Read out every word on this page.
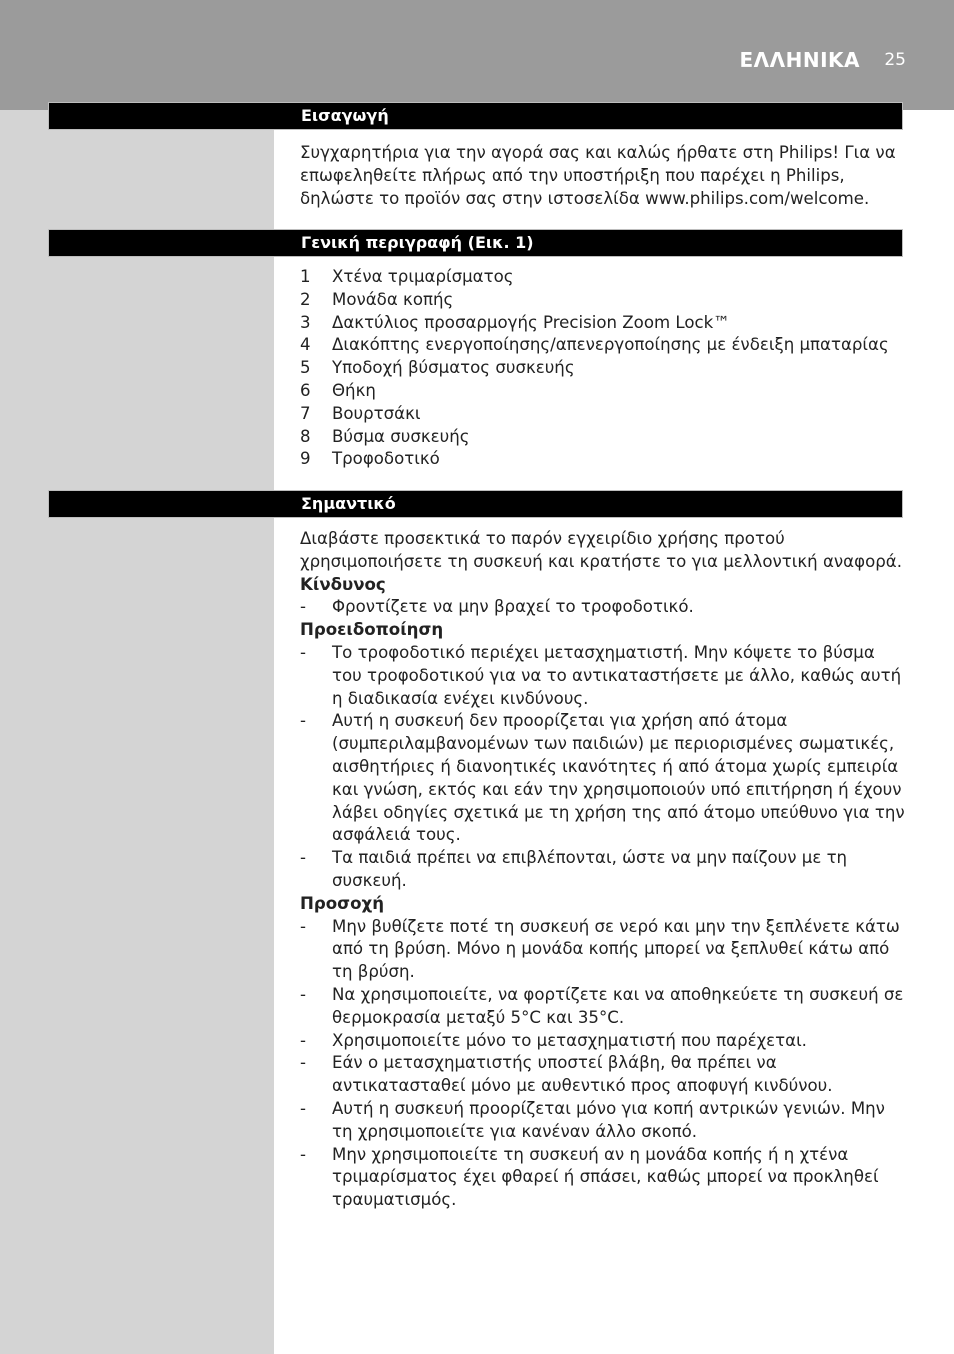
ΕΛΛΗΝΙΚΑ 25
Εισαγωγή

Συγχαρητήρια για την αγορά σας και καλώς ήρθατε στη Philips! Για να επωφεληθείτε πλήρως από την υποστήριξη που παρέχει η Philips, δηλώστε το προϊόν σας στην ιστοσελίδα www.philips.com/welcome.

Γενική περιγραφή (Εικ. 1)
1	Χτένα τριμαρίσματος
2	Μονάδα κοπής
3	Δακτύλιος προσαρμογής Precision Zoom Lock™
4	Διακόπτης ενεργοποίησης/απενεργοποίησης με ένδειξη μπαταρίας
5	Υποδοχή βύσματος συσκευής
6	Θήκη
7	Βουρτσάκι
8	Βύσμα συσκευής
9	Τροφοδοτικό
Σημαντικό

Διαβάστε προσεκτικά το παρόν εγχειρίδιο χρήσης προτού χρησιμοποιήσετε τη συσκευή και κρατήστε το για μελλοντική αναφορά.

Κίνδυνος

-	Φροντίζετε να μην βραχεί το τροφοδοτικό.

Προειδοποίηση

-	Το τροφοδοτικό περιέχει μετασχηματιστή. Μην κόψετε το βύσμα του τροφοδοτικού για να το αντικαταστήσετε με άλλο, καθώς αυτή η διαδικασία ενέχει κινδύνους.
-	Αυτή η συσκευή δεν προορίζεται για χρήση από άτομα (συμπεριλαμβανομένων των παιδιών) με περιορισμένες σωματικές, αισθητήριες ή διανοητικές ικανότητες ή από άτομα χωρίς εμπειρία και γνώση, εκτός και εάν την χρησιμοποιούν υπό επιτήρηση ή έχουν λάβει οδηγίες σχετικά με τη χρήση της από άτομο υπεύθυνο για την ασφάλειά τους.
-	Τα παιδιά πρέπει να επιβλέπονται, ώστε να μην παίζουν με τη συσκευή.

Προσοχή

-	Μην βυθίζετε ποτέ τη συσκευή σε νερό και μην την ξεπλένετε κάτω από τη βρύση. Μόνο η μονάδα κοπής μπορεί να ξεπλυθεί κάτω από τη βρύση.
-	Να χρησιμοποιείτε, να φορτίζετε και να αποθηκεύετε τη συσκευή σε θερμοκρασία μεταξύ 5°C και 35°C.
-	Χρησιμοποιείτε μόνο το μετασχηματιστή που παρέχεται.
-	Εάν ο μετασχηματιστής υποστεί βλάβη, θα πρέπει να αντικατασταθεί μόνο με αυθεντικό προς αποφυγή κινδύνου.
-	Αυτή η συσκευή προορίζεται μόνο για κοπή αντρικών γενιών. Μην τη χρησιμοποιείτε για κανέναν άλλο σκοπό.
-	Μην χρησιμοποιείτε τη συσκευή αν η μονάδα κοπής ή η χτένα τριμαρίσματος έχει φθαρεί ή σπάσει, καθώς μπορεί να προκληθεί τραυματισμός.
